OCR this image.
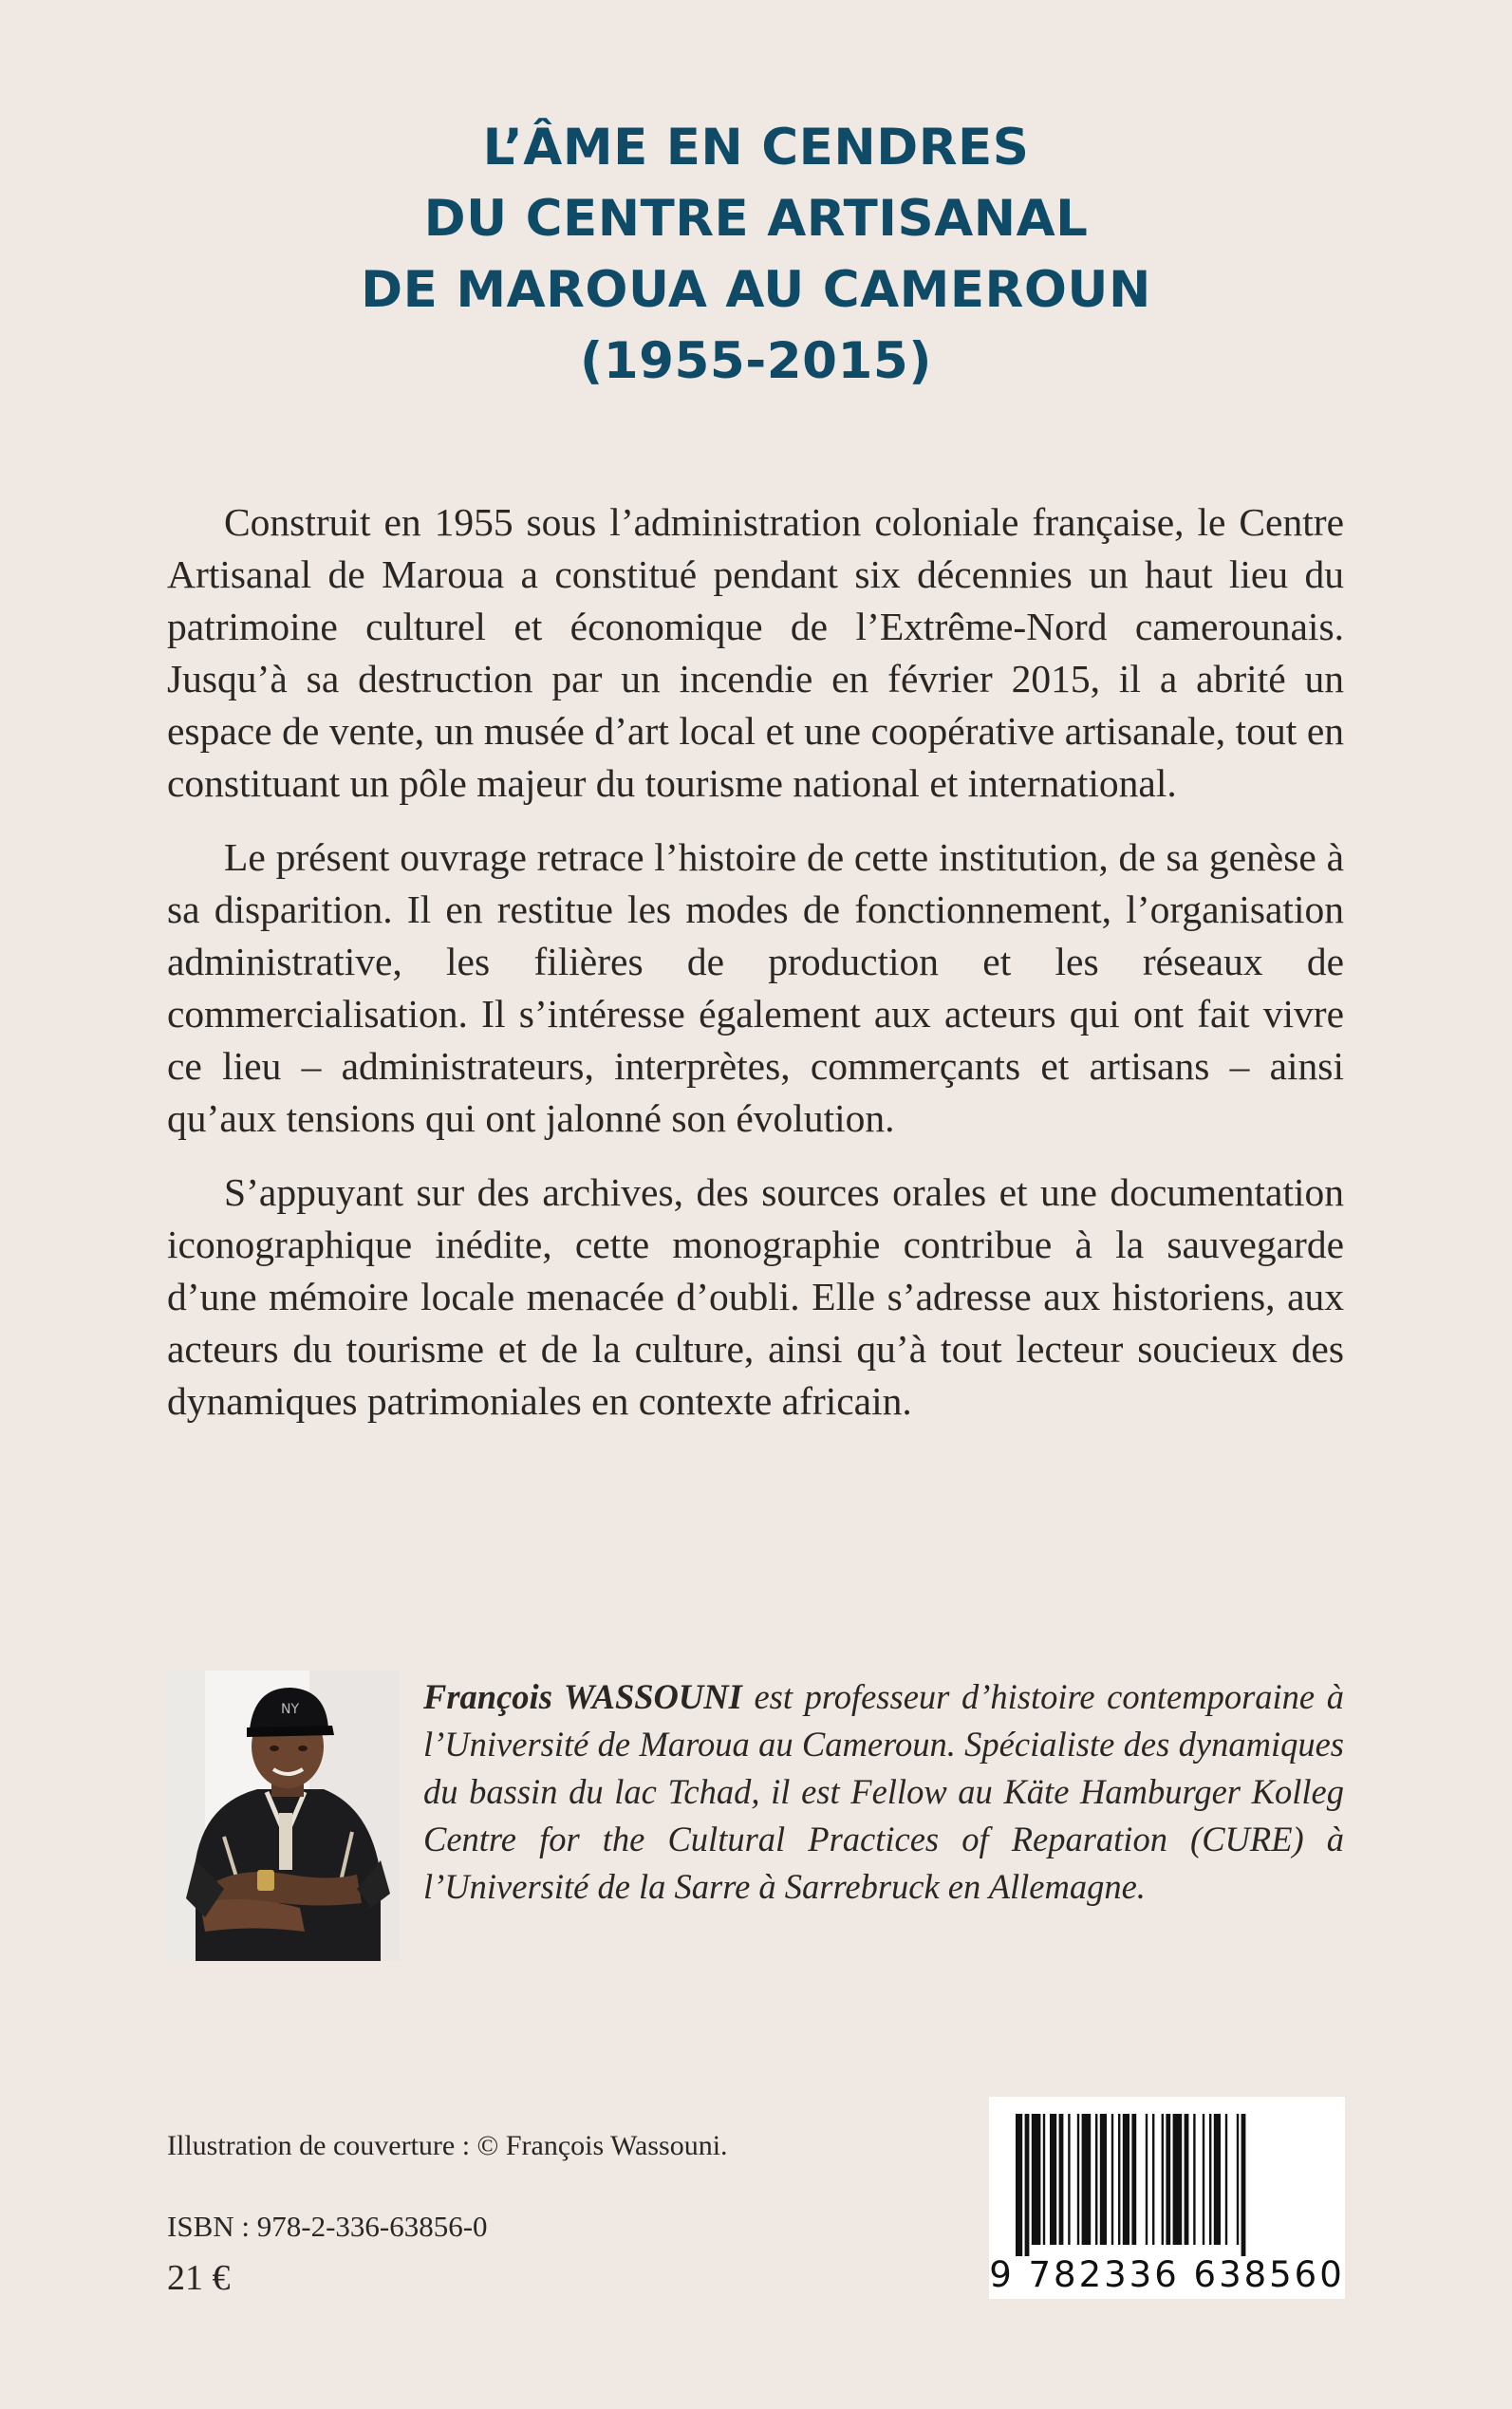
L’ÂME EN CENDRES
DU CENTRE ARTISANAL
DE MAROUA AU CAMEROUN
(1955-2015)

Construit en 1955 sous l’administration coloniale française, le Centre Artisanal de Maroua a constitué pendant six décennies un haut lieu du patrimoine culturel et économique de l’Extrême-Nord camerounais. Jusqu’à sa destruction par un incendie en février 2015, il a abrité un espace de vente, un musée d’art local et une coopérative artisanale, tout en constituant un pôle majeur du tourisme national et international.

Le présent ouvrage retrace l’histoire de cette institution, de sa genèse à sa disparition. Il en restitue les modes de fonctionnement, l’organisation administrative, les filières de production et les réseaux de commercialisation. Il s’intéresse également aux acteurs qui ont fait vivre ce lieu – administrateurs, interprètes, commerçants et artisans – ainsi qu’aux tensions qui ont jalonné son évolution.

S’appuyant sur des archives, des sources orales et une documentation iconographique inédite, cette monographie contribue à la sauvegarde d’une mémoire locale menacée d’oubli. Elle s’adresse aux historiens, aux acteurs du tourisme et de la culture, ainsi qu’à tout lecteur soucieux des dynamiques patrimoniales en contexte africain.

NY	François WASSOUNI est professeur d’histoire contemporaine à l’Université de Maroua au Cameroun. Spécialiste des dynamiques du bassin du lac Tchad, il est Fellow au Käte Hamburger Kolleg Centre for the Cultural Practices of Reparation (CURE) à l’Université de la Sarre à Sarrebruck en Allemagne.
Illustration de couverture : © François Wassouni.
ISBN : 978-2-336-63856-0
21 €	9 782336 638560
